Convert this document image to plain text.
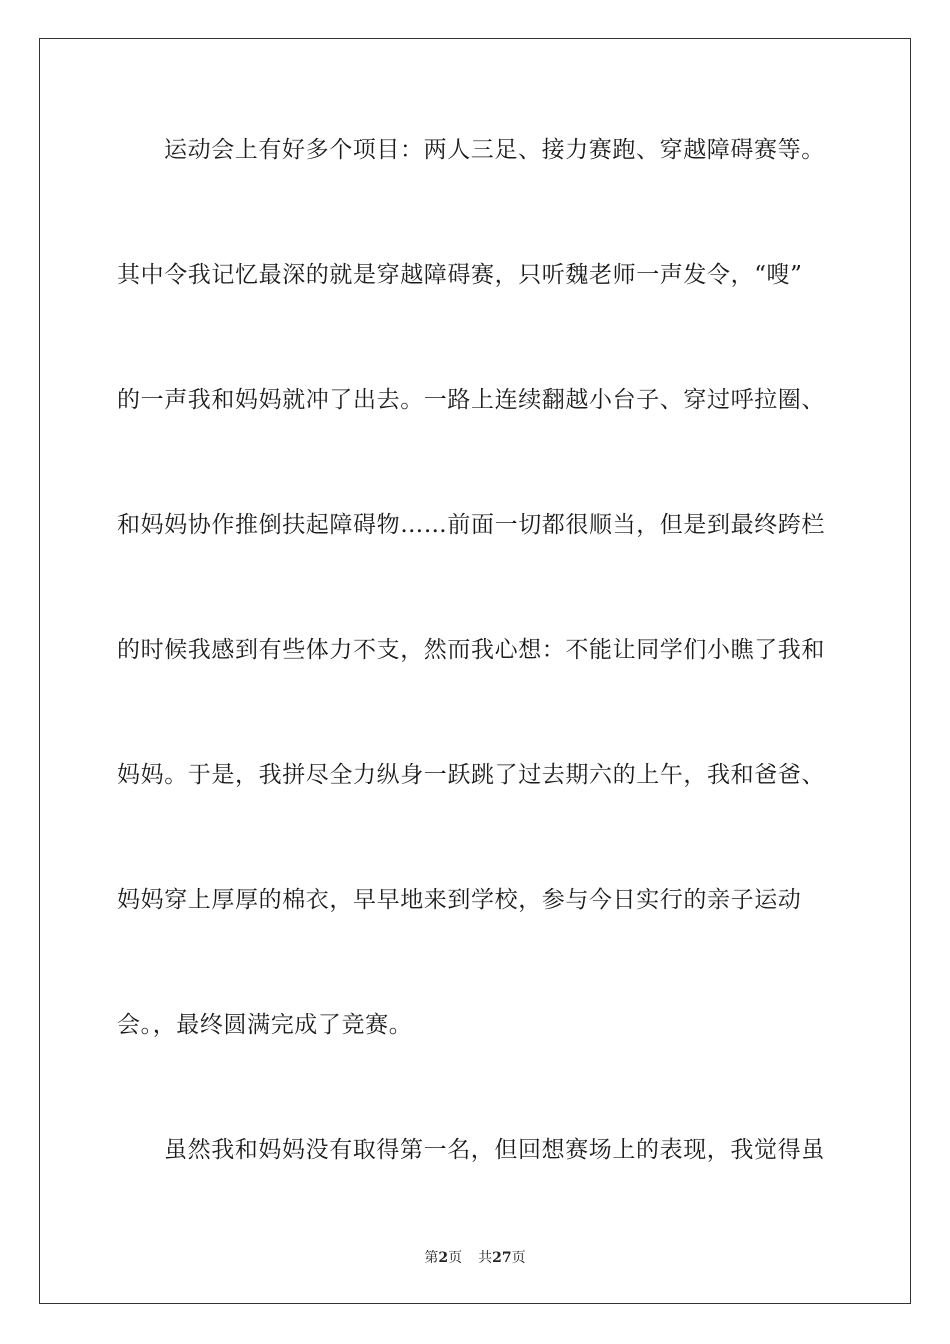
运动会上有好多个项目：两人三足、接力赛跑、穿越障碍赛等。
其中令我记忆最深的就是穿越障碍赛，只听魏老师一声发令，“嗖”
的一声我和妈妈就冲了出去。一路上连续翻越小台子、穿过呼拉圈、
和妈妈协作推倒扶起障碍物……前面一切都很顺当，但是到最终跨栏
的时候我感到有些体力不支，然而我心想：不能让同学们小瞧了我和
妈妈。于是，我拼尽全力纵身一跃跳了过去期六的上午，我和爸爸、
妈妈穿上厚厚的棉衣，早早地来到学校，参与今日实行的亲子运动
会。，最终圆满完成了竞赛。
虽然我和妈妈没有取得第一名，但回想赛场上的表现，我觉得虽
第2页 共27页
